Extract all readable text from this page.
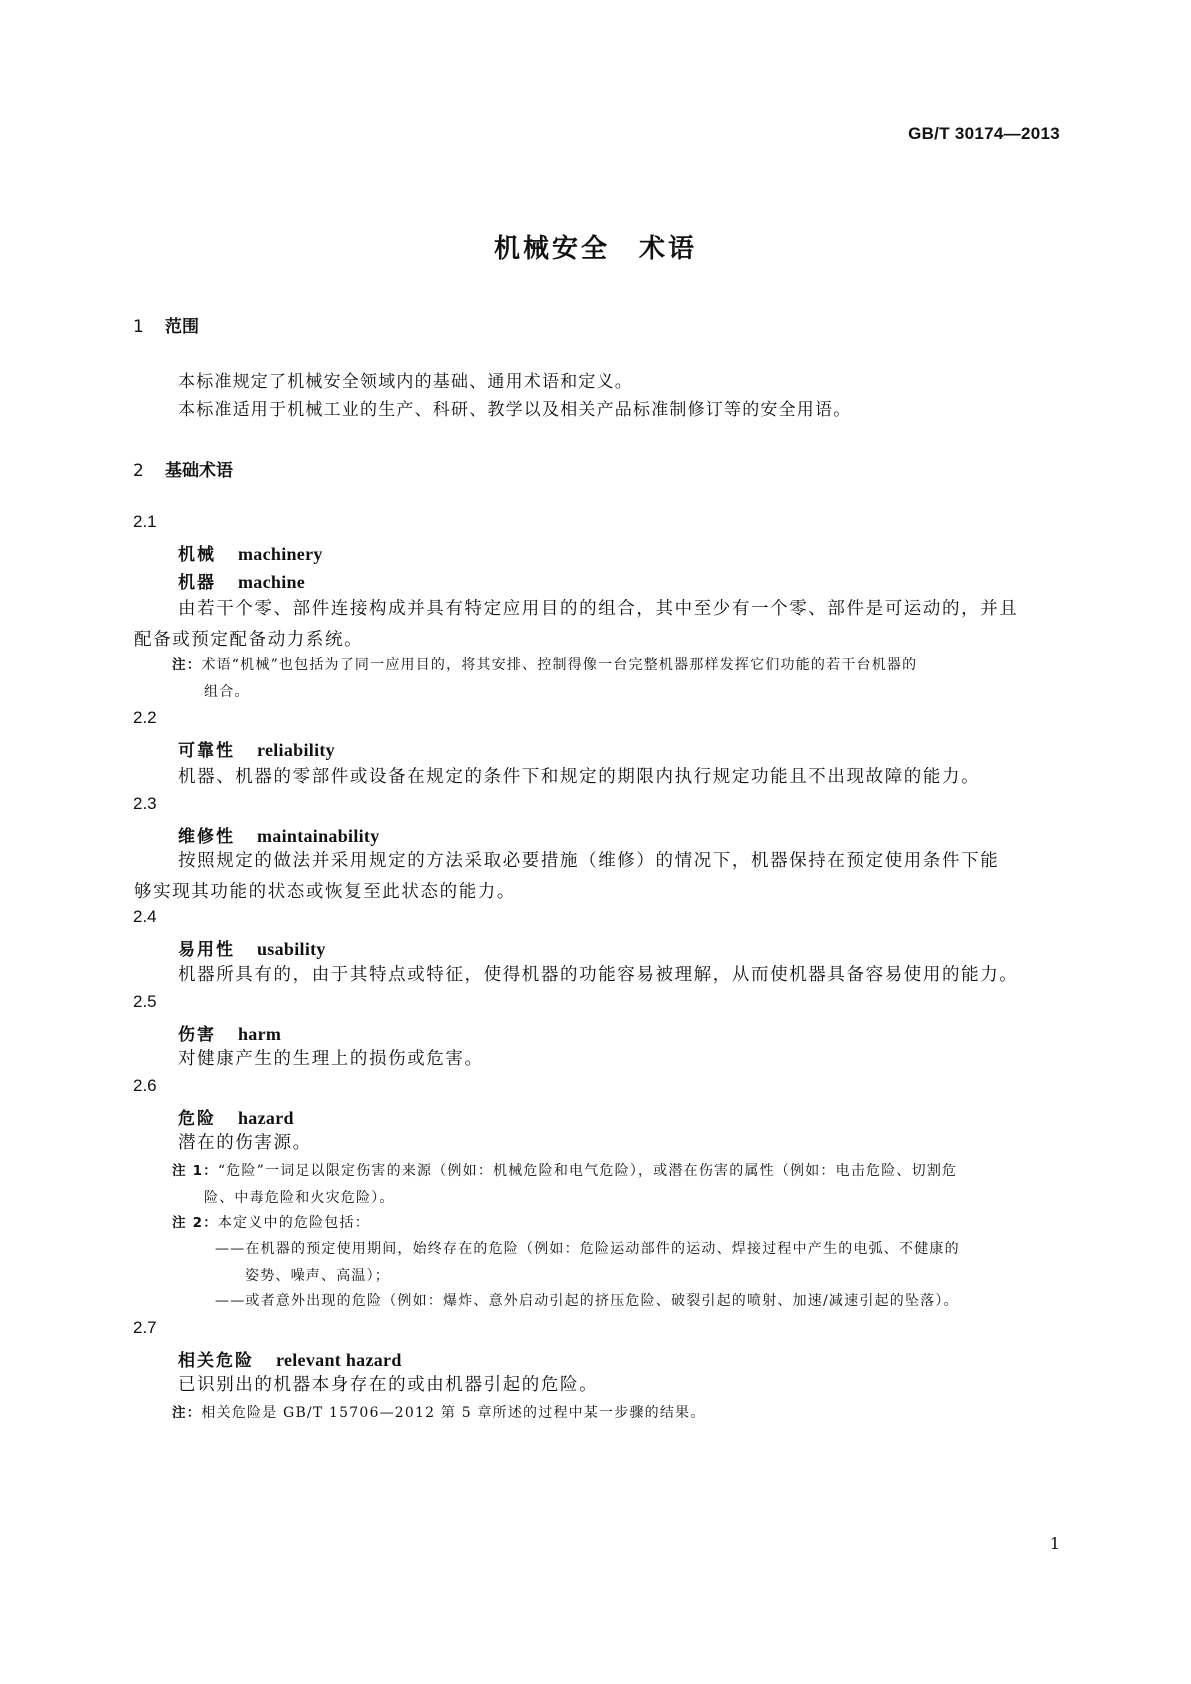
GB/T 30174—2013
机械安全　术语
1 范围
本标准规定了机械安全领域内的基础、通用术语和定义。
本标准适用于机械工业的生产、科研、教学以及相关产品标准制修订等的安全用语。
2 基础术语
2.1
机械 machinery
机器 machine
由若干个零、部件连接构成并具有特定应用目的的组合，其中至少有一个零、部件是可运动的，并且
配备或预定配备动力系统。
注：术语“机械”也包括为了同一应用目的，将其安排、控制得像一台完整机器那样发挥它们功能的若干台机器的
组合。
2.2
可靠性 reliability
机器、机器的零部件或设备在规定的条件下和规定的期限内执行规定功能且不出现故障的能力。
2.3
维修性 maintainability
按照规定的做法并采用规定的方法采取必要措施（维修）的情况下，机器保持在预定使用条件下能
够实现其功能的状态或恢复至此状态的能力。
2.4
易用性 usability
机器所具有的，由于其特点或特征，使得机器的功能容易被理解，从而使机器具备容易使用的能力。
2.5
伤害 harm
对健康产生的生理上的损伤或危害。
2.6
危险 hazard
潜在的伤害源。
注 1：“危险”一词足以限定伤害的来源（例如：机械危险和电气危险），或潜在伤害的属性（例如：电击危险、切割危
险、中毒危险和火灾危险）。
注 2：本定义中的危险包括：
——在机器的预定使用期间，始终存在的危险（例如：危险运动部件的运动、焊接过程中产生的电弧、不健康的
姿势、噪声、高温）；
——或者意外出现的危险（例如：爆炸、意外启动引起的挤压危险、破裂引起的喷射、加速/减速引起的坠落）。
2.7
相关危险 relevant hazard
已识别出的机器本身存在的或由机器引起的危险。
注：相关危险是 GB/T 15706—2012 第 5 章所述的过程中某一步骤的结果。
1
